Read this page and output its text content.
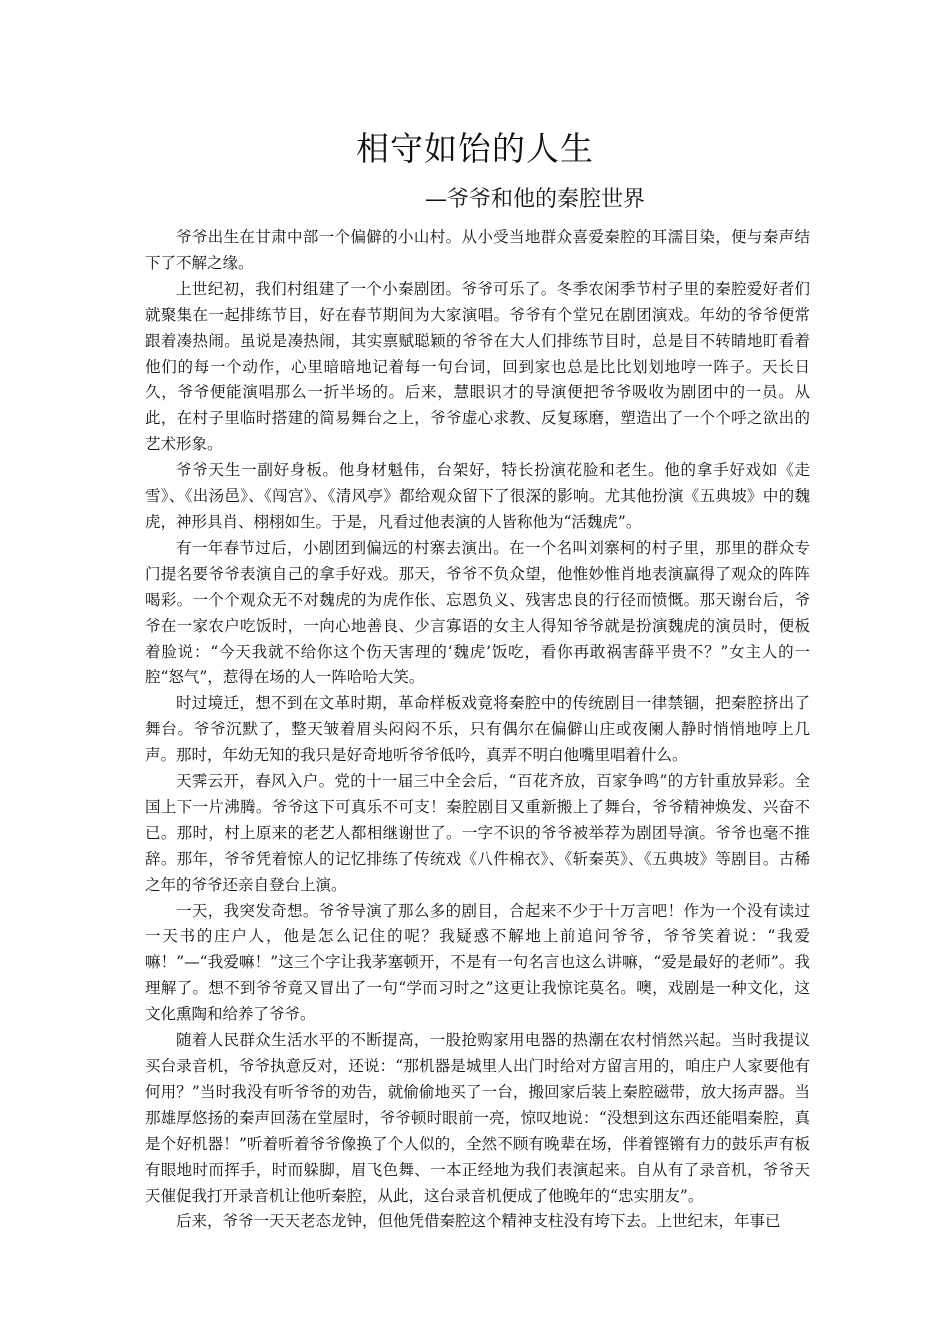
相守如饴的人生
—爷爷和他的秦腔世界

爷爷出生在甘肃中部一个偏僻的小山村。从小受当地群众喜爱秦腔的耳濡目染，便与秦声结下了不解之缘。

上世纪初，我们村组建了一个小秦剧团。爷爷可乐了。冬季农闲季节村子里的秦腔爱好者们就聚集在一起排练节目，好在春节期间为大家演唱。爷爷有个堂兄在剧团演戏。年幼的爷爷便常跟着凑热闹。虽说是凑热闹，其实禀赋聪颖的爷爷在大人们排练节目时，总是目不转睛地盯看着他们的每一个动作，心里暗暗地记着每一句台词，回到家也总是比比划划地哼一阵子。天长日久，爷爷便能演唱那么一折半场的。后来，慧眼识才的导演便把爷爷吸收为剧团中的一员。从此，在村子里临时搭建的简易舞台之上，爷爷虚心求教、反复琢磨，塑造出了一个个呼之欲出的艺术形象。

爷爷天生一副好身板。他身材魁伟，台架好，特长扮演花脸和老生。他的拿手好戏如《走雪》、《出汤邑》、《闯宫》、《清风亭》都给观众留下了很深的影响。尤其他扮演《五典坡》中的魏虎，神形具肖、栩栩如生。于是，凡看过他表演的人皆称他为“活魏虎”。

有一年春节过后，小剧团到偏远的村寨去演出。在一个名叫刘寨柯的村子里，那里的群众专门提名要爷爷表演自己的拿手好戏。那天，爷爷不负众望，他惟妙惟肖地表演赢得了观众的阵阵喝彩。一个个观众无不对魏虎的为虎作伥、忘恩负义、残害忠良的行径而愤慨。那天谢台后，爷爷在一家农户吃饭时，一向心地善良、少言寡语的女主人得知爷爷就是扮演魏虎的演员时，便板着脸说：“今天我就不给你这个伤天害理的‘魏虎’饭吃，看你再敢祸害薛平贵不？”女主人的一腔“怒气”，惹得在场的人一阵哈哈大笑。

时过境迁，想不到在文革时期，革命样板戏竟将秦腔中的传统剧目一律禁锢，把秦腔挤出了舞台。爷爷沉默了，整天皱着眉头闷闷不乐，只有偶尔在偏僻山庄或夜阑人静时悄悄地哼上几声。那时，年幼无知的我只是好奇地听爷爷低吟，真弄不明白他嘴里唱着什么。

天霁云开，春风入户。党的十一届三中全会后，“百花齐放，百家争鸣”的方针重放异彩。全国上下一片沸腾。爷爷这下可真乐不可支！秦腔剧目又重新搬上了舞台，爷爷精神焕发、兴奋不已。那时，村上原来的老艺人都相继谢世了。一字不识的爷爷被举荐为剧团导演。爷爷也毫不推辞。那年，爷爷凭着惊人的记忆排练了传统戏《八件棉衣》、《斩秦英》、《五典坡》等剧目。古稀之年的爷爷还亲自登台上演。

一天，我突发奇想。爷爷导演了那么多的剧目，合起来不少于十万言吧！作为一个没有读过一天书的庄户人，他是怎么记住的呢？我疑惑不解地上前追问爷爷，爷爷笑着说：“我爱嘛！”—“我爱嘛！”这三个字让我茅塞顿开，不是有一句名言也这么讲嘛，“爱是最好的老师”。我理解了。想不到爷爷竟又冒出了一句“学而习时之”这更让我惊诧莫名。噢，戏剧是一种文化，这文化熏陶和给养了爷爷。

随着人民群众生活水平的不断提高，一股抢购家用电器的热潮在农村悄然兴起。当时我提议买台录音机，爷爷执意反对，还说：“那机器是城里人出门时给对方留言用的，咱庄户人家要他有何用？”当时我没有听爷爷的劝告，就偷偷地买了一台，搬回家后装上秦腔磁带，放大扬声器。当那雄厚悠扬的秦声回荡在堂屋时，爷爷顿时眼前一亮，惊叹地说：“没想到这东西还能唱秦腔，真是个好机器！”听着听着爷爷像换了个人似的，全然不顾有晚辈在场，伴着铿锵有力的鼓乐声有板有眼地时而挥手，时而躲脚，眉飞色舞、一本正经地为我们表演起来。自从有了录音机，爷爷天天催促我打开录音机让他听秦腔，从此，这台录音机便成了他晚年的“忠实朋友”。

后来，爷爷一天天老态龙钟，但他凭借秦腔这个精神支柱没有垮下去。上世纪末，年事已
